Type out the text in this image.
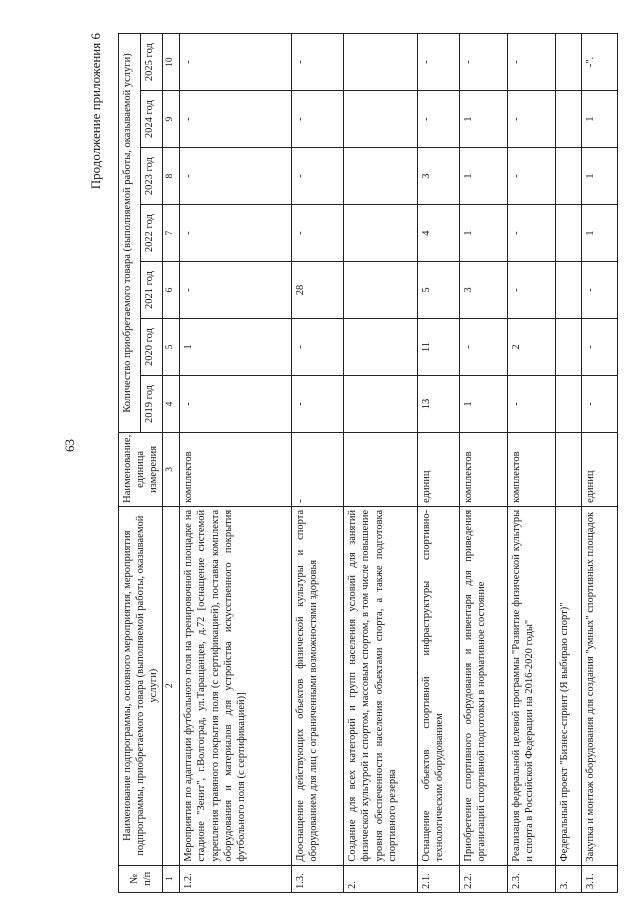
63
Продолжение приложения 6
№ п/п	Наименование подпрограммы, основного мероприятия, мероприятия подпрограммы, приобретаемого товара (выполняемой работы, оказываемой услуги)	Наименование, единица измерения	Количество приобретаемого товара (выполняемой работы, оказываемой услуги)						
			2019 год	2020 год	2021 год	2022 год	2023 год	2024 год	2025 год
1	2	3	4	5	6	7	8	9	10
1.2.	Мероприятия по адаптации футбольного поля на тренировочной площадке на стадионе "Зенит", г.Волгоград, ул.Таращанцев, д.72 [оснащение системой укрепления травяного покрытия поля (с сертификацией), поставка комплекта оборудования и материалов для устройства искусственного покрытия футбольного поля (с сертификацией)]	комплектов	-	1	-	-	-	-	-
1.3.	Дооснащение действующих объектов физической культуры и спорта оборудованием для лиц с ограниченными возможностями здоровья	-	-	-	28	-	-	-	-
2.	Создание для всех категорий и групп населения условий для занятий физической культурой и спортом, массовым спортом, в том числе повышение уровня обеспеченности населения объектами спорта, а также подготовка спортивного резерва								
2.1.	Оснащение объектов спортивной инфраструктуры спортивно-технологическим оборудованием	единиц	13	11	5	4	3	-	-
2.2.	Приобретение спортивного оборудования и инвентаря для приведения организаций спортивной подготовки в нормативное состояние	комплектов	1	-	3	1	1	1	-
2.3.	Реализация федеральной целевой программы "Развитие физической культуры и спорта в Российской Федерации на 2016-2020 годы"	комплектов	-	2	-	-	-	-	-
3.	Федеральный проект "Бизнес-спринт (Я выбираю спорт)"								
3.1.	Закупка и монтаж оборудования для создания "умных" спортивных площадок	единиц	-	-	-	1	1	1	-".
